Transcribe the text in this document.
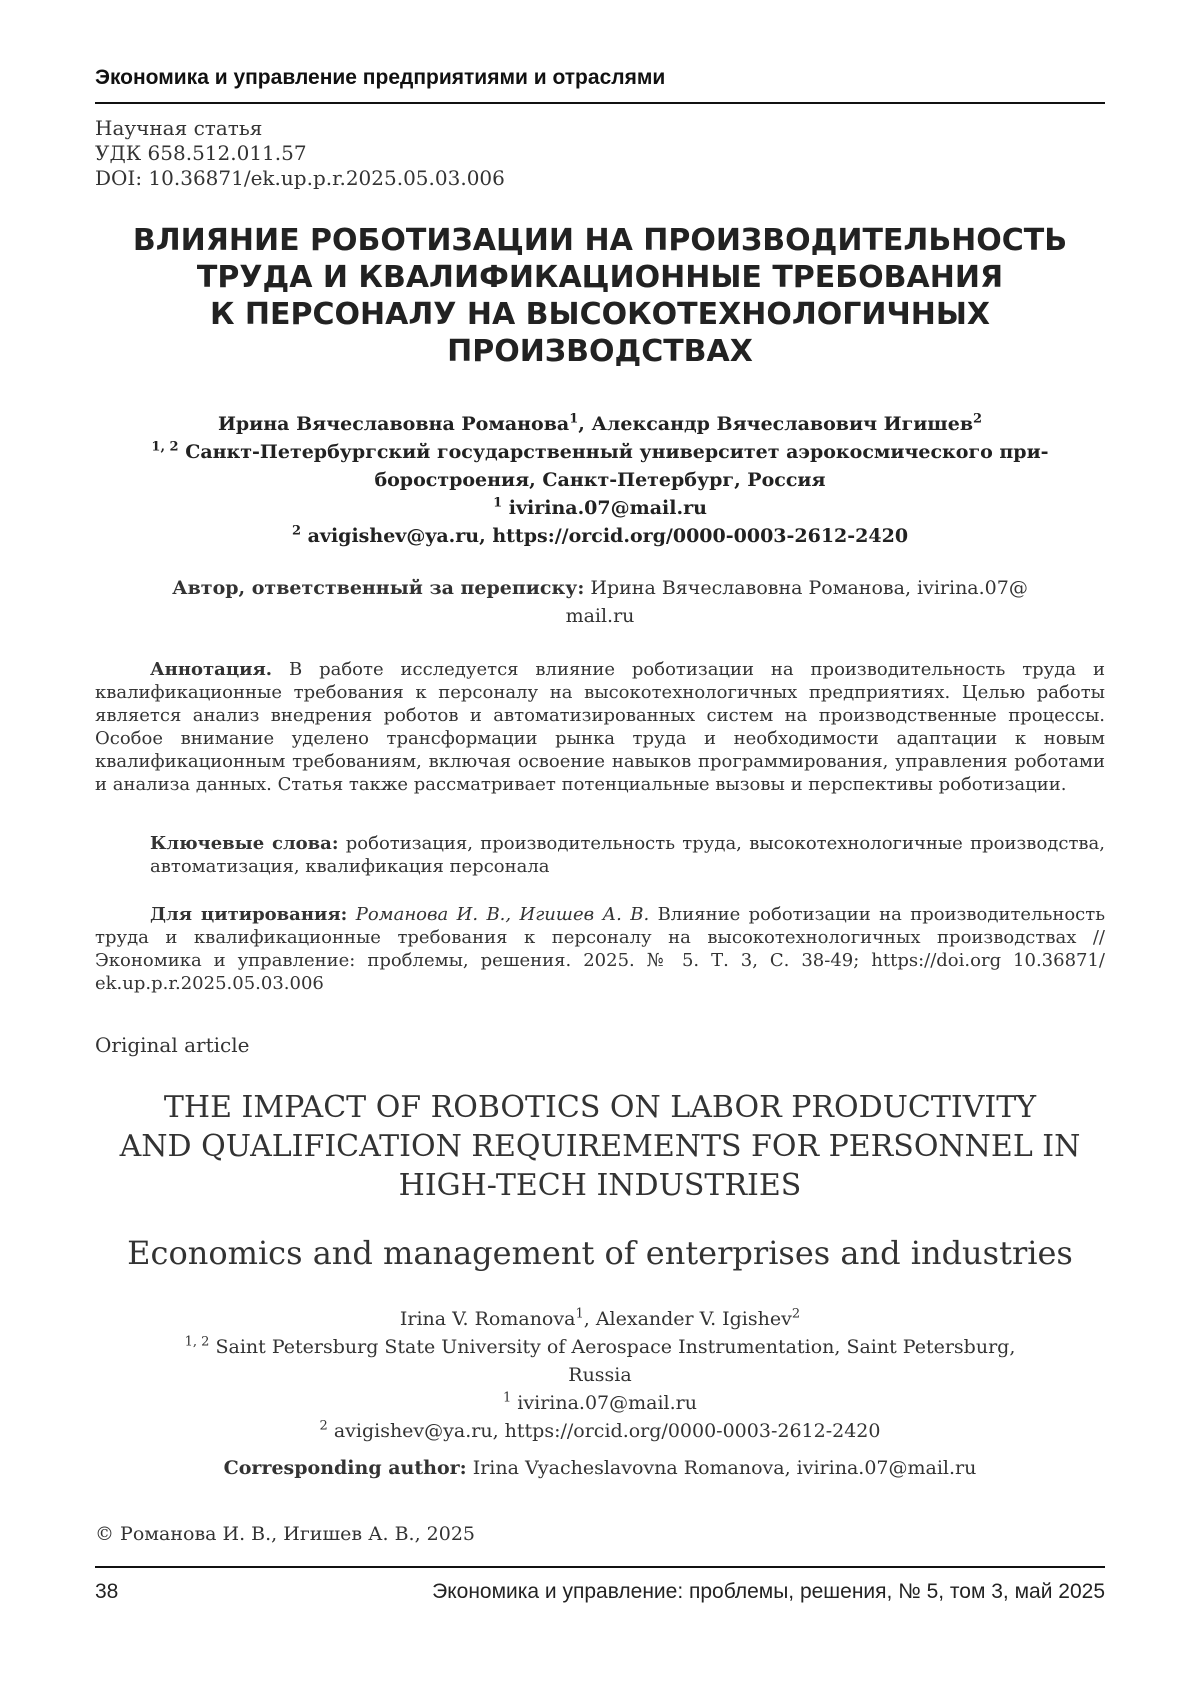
Экономика и управление предприятиями и отраслями
Научная статья
УДК 658.512.011.57
DOI: 10.36871/ek.up.p.r.2025.05.03.006
ВЛИЯНИЕ РОБОТИЗАЦИИ НА ПРОИЗВОДИТЕЛЬНОСТЬ
ТРУДА И КВАЛИФИКАЦИОННЫЕ ТРЕБОВАНИЯ
К ПЕРСОНАЛУ НА ВЫСОКОТЕХНОЛОГИЧНЫХ
ПРОИЗВОДСТВАХ
Ирина Вячеславовна Романова1, Александр Вячеславович Игишев2
1, 2 Санкт-Петербургский государственный университет аэрокосмического при-
боростроения, Санкт-Петербург, Россия
1 ivirina.07@mail.ru
2 avigishev@ya.ru, https://orcid.org/0000-0003-2612-2420
Автор, ответственный за переписку: Ирина Вячеславовна Романова, ivirina.07@
mail.ru
Аннотация. В работе исследуется влияние роботизации на производительность труда и квалификационные требования к персоналу на высокотехнологичных предприятиях. Целью работы является анализ внедрения роботов и автоматизированных систем на производственные процессы. Особое внимание уделено трансформации рынка труда и необходимости адаптации к новым квалификационным требованиям, включая освоение навыков программирования, управления роботами и анализа данных. Статья также рассматривает потенциальные вызовы и перспективы роботизации.
Ключевые слова: роботизация, производительность труда, высокотехнологичные производства, автоматизация, квалификация персонала
Для цитирования: Романова И. В., Игишев А. В. Влияние роботизации на производительность труда и квалификационные требования к персоналу на высокотехнологичных производствах // Экономика и управление: проблемы, решения. 2025. № 5. Т. 3, С. 38-49; https://doi.org 10.36871/ ek.up.p.r.2025.05.03.006
Original article
THE IMPACT OF ROBOTICS ON LABOR PRODUCTIVITY
AND QUALIFICATION REQUIREMENTS FOR PERSONNEL IN
HIGH-TECH INDUSTRIES
Economics and management of enterprises and industries
Irina V. Romanova1, Alexander V. Igishev2
1, 2 Saint Petersburg State University of Aerospace Instrumentation, Saint Petersburg,
Russia
1 ivirina.07@mail.ru
2 avigishev@ya.ru, https://orcid.org/0000-0003-2612-2420
Corresponding author: Irina Vyacheslavovna Romanova, ivirina.07@mail.ru
© Романова И. В., Игишев А. В., 2025
38	Экономика и управление: проблемы, решения, № 5, том 3, май 2025
